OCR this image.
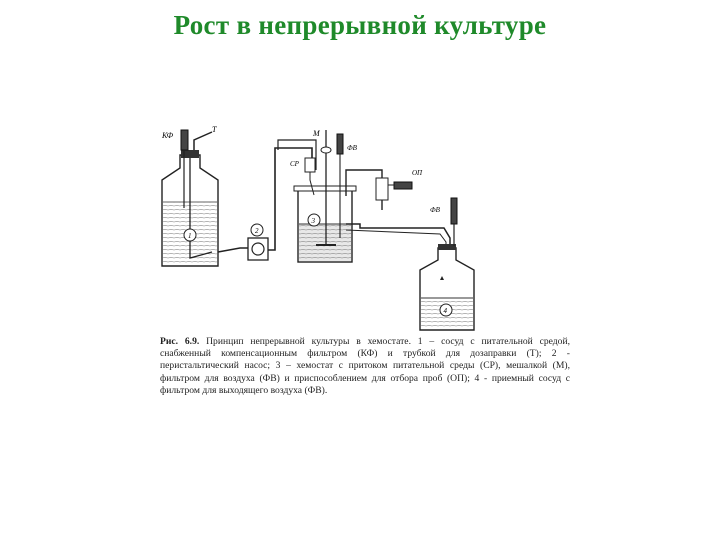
Рост в непрерывной культуре
КФ
Т
1
2
М
ФВ
СР
3
ОП
ФВ
4
Рис. 6.9. Принцип непрерывной культуры в хемостате. 1 – сосуд с питательной средой, снабженный компенсационным фильтром (КФ) и трубкой для дозаправки (Т); 2 - перистальтический насос; 3 – хемостат с притоком питательной среды (СР), мешалкой (М), фильтром для воздуха (ФВ) и приспособлением для отбора проб (ОП); 4 - приемный сосуд с фильтром для выходящего воздуха (ФВ).
